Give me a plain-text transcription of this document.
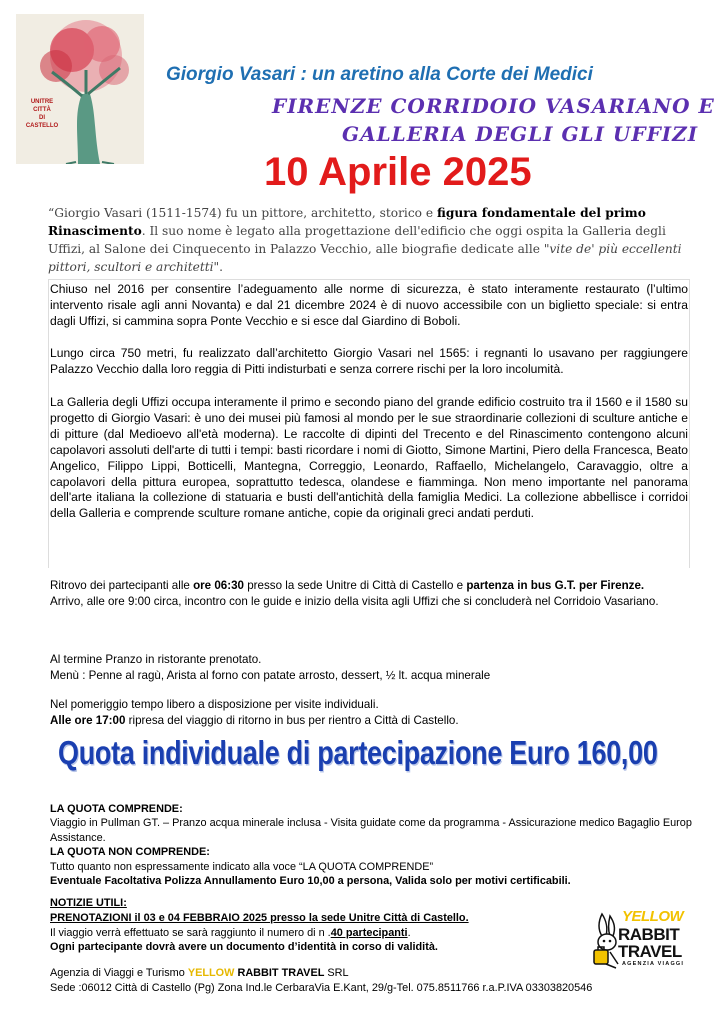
UNITRE
CITTÀ
DI
CASTELLO
Giorgio Vasari : un aretino alla Corte dei Medici
FIRENZE CORRIDOIO VASARIANO E
GALLERIA DEGLI GLI UFFIZI
10 Aprile 2025
“Giorgio Vasari (1511-1574) fu un pittore, architetto, storico e figura fondamentale del primo Rinascimento. Il suo nome è legato alla progettazione dell'edificio che oggi ospita la Galleria degli Uffizi, al Salone dei Cinquecento in Palazzo Vecchio, alle biografie dedicate alle "vite de' più eccellenti pittori, scultori e architetti".
Chiuso nel 2016 per consentire l’adeguamento alle norme di sicurezza, è stato interamente restaurato (l’ultimo intervento risale agli anni Novanta) e dal 21 dicembre 2024 è di nuovo accessibile con un biglietto speciale: si entra dagli Uffizi, si cammina sopra Ponte Vecchio e si esce dal Giardino di Boboli.
Lungo circa 750 metri, fu realizzato dall’architetto Giorgio Vasari nel 1565: i regnanti lo usavano per raggiungere Palazzo Vecchio dalla loro reggia di Pitti indisturbati e senza correre rischi per la loro incolumità.
La Galleria degli Uffizi occupa interamente il primo e secondo piano del grande edificio costruito tra il 1560 e il 1580 su progetto di Giorgio Vasari: è uno dei musei più famosi al mondo per le sue straordinarie collezioni di sculture antiche e di pitture (dal Medioevo all'età moderna). Le raccolte di dipinti del Trecento e del Rinascimento contengono alcuni capolavori assoluti dell'arte di tutti i tempi: basti ricordare i nomi di Giotto, Simone Martini, Piero della Francesca, Beato Angelico, Filippo Lippi, Botticelli, Mantegna, Correggio, Leonardo, Raffaello, Michelangelo, Caravaggio, oltre a capolavori della pittura europea, soprattutto tedesca, olandese e fiamminga. Non meno importante nel panorama dell'arte italiana la collezione di statuaria e busti dell'antichità della famiglia Medici. La collezione abbellisce i corridoi della Galleria e comprende sculture romane antiche, copie da originali greci andati perduti.
Ritrovo dei partecipanti alle ore 06:30 presso la sede Unitre di Città di Castello e partenza in bus G.T. per Firenze.
Arrivo, alle ore 9:00 circa, incontro con le guide e inizio della visita agli Uffizi che si concluderà nel Corridoio Vasariano.
Al termine Pranzo in ristorante prenotato.
Menù : Penne al ragù, Arista al forno con patate arrosto, dessert, ½ lt. acqua minerale
Nel pomeriggio tempo libero a disposizione per visite individuali.
Alle ore 17:00 ripresa del viaggio di ritorno in bus per rientro a Città di Castello.
Quota individuale di partecipazione Euro 160,00
LA QUOTA COMPRENDE:
Viaggio in Pullman GT. – Pranzo acqua minerale inclusa - Visita guidate come da programma - Assicurazione medico Bagaglio Europ Assistance.
LA QUOTA NON COMPRENDE:
Tutto quanto non espressamente indicato alla voce “LA QUOTA COMPRENDE”
Eventuale Facoltativa Polizza Annullamento Euro 10,00 a persona, Valida solo per motivi certificabili.
NOTIZIE UTILI:
PRENOTAZIONI il 03 e 04 FEBBRAIO 2025 presso la sede Unitre Città di Castello.
Il viaggio verrà effettuato se sarà raggiunto il numero di n .40 partecipanti.
Ogni partecipante dovrà avere un documento d’identità in corso di validità.
Agenzia di Viaggi e Turismo YELLOW RABBIT TRAVEL SRL
Sede :06012 Città di Castello (Pg) Zona Ind.le CerbaraVia E.Kant, 29/g-Tel. 075.8511766 r.a.P.IVA 03303820546
YELLOW
RABBIT
TRAVEL
AGENZIA VIAGGI
